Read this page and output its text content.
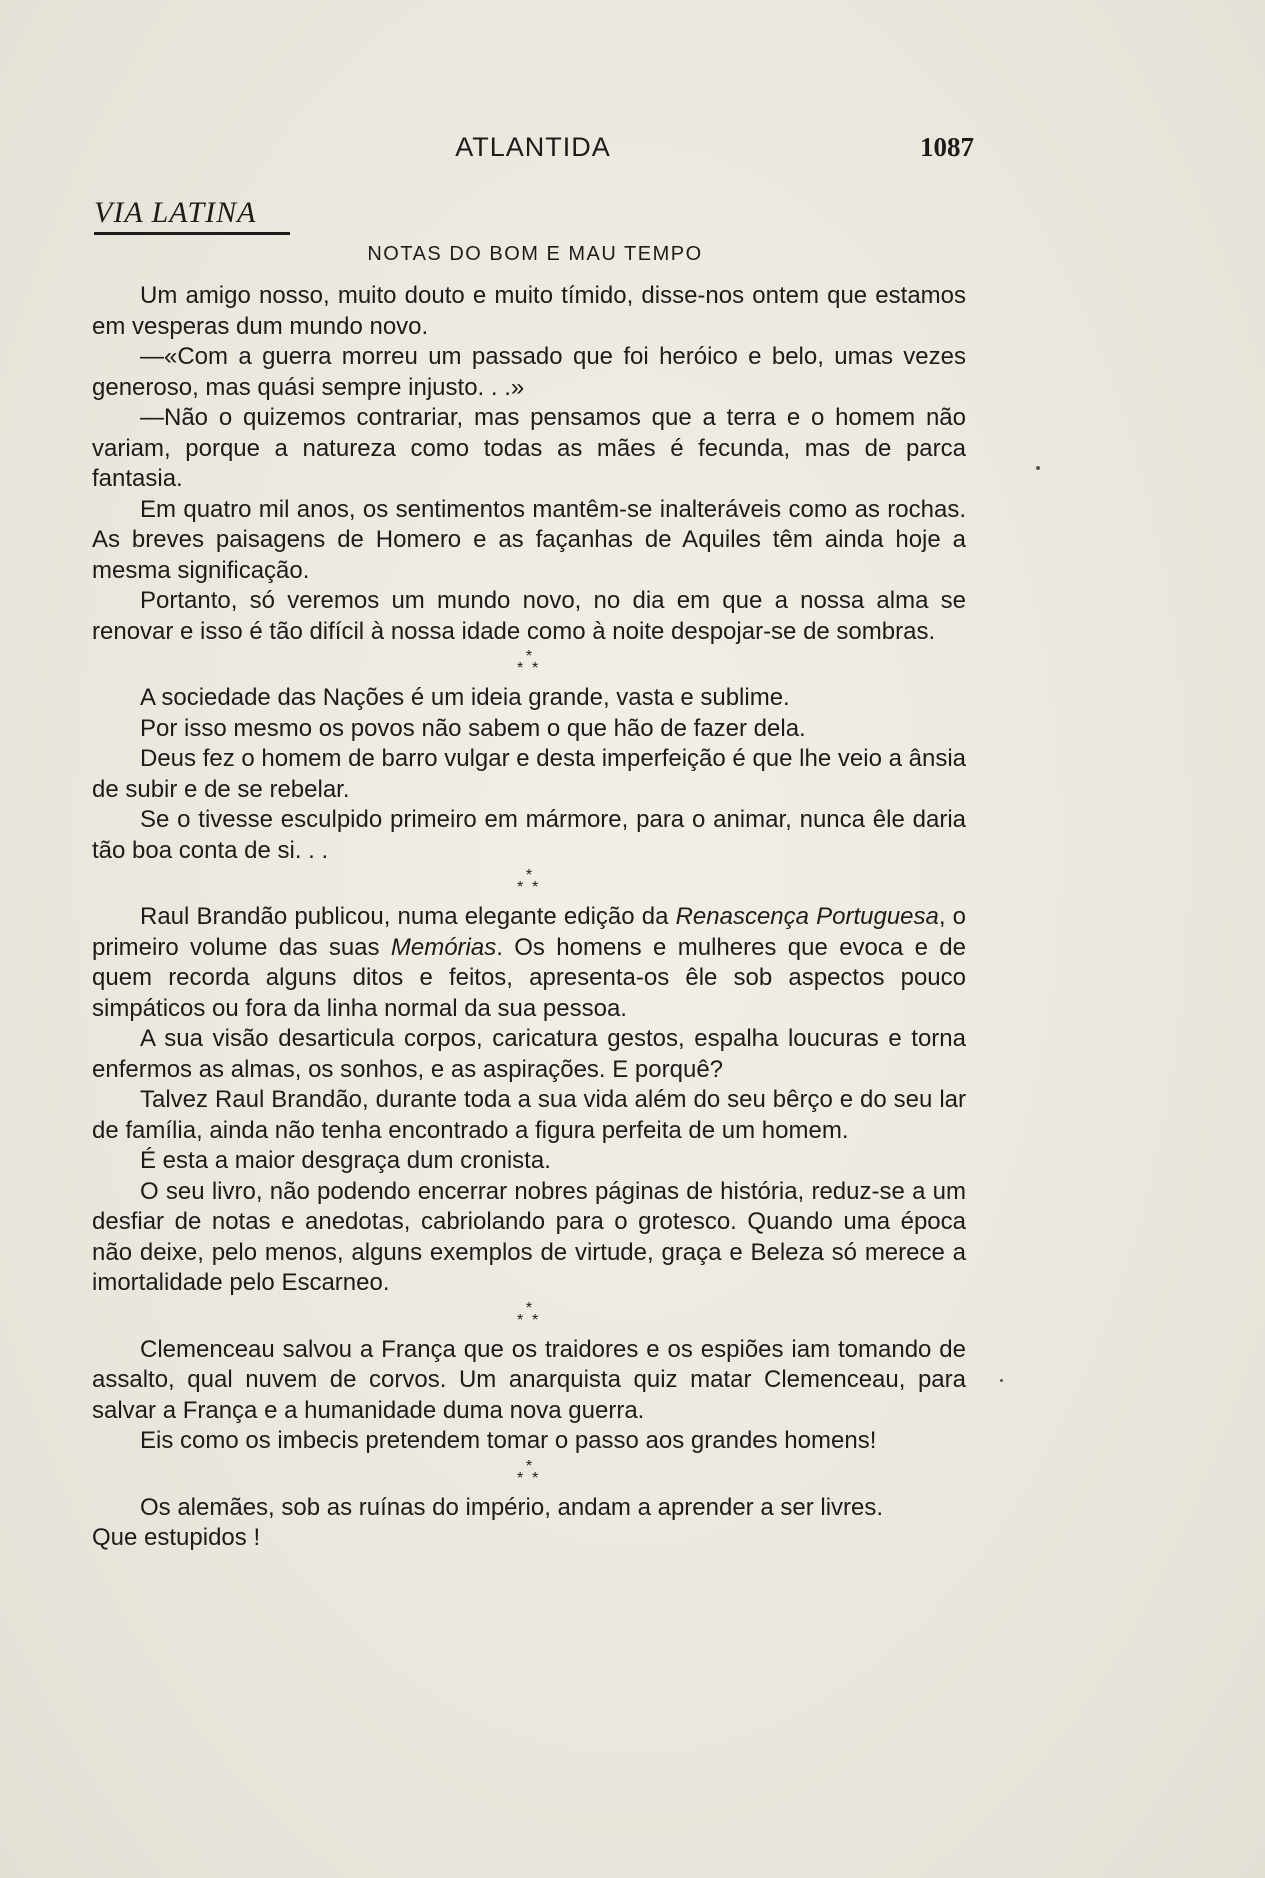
ATLANTIDA	1087
VIA LATINA
NOTAS DO BOM E MAU TEMPO

Um amigo nosso, muito douto e muito tímido, disse-nos ontem que estamos em vesperas dum mundo novo.

—«Com a guerra morreu um passado que foi heróico e belo, umas vezes generoso, mas quási sempre injusto. . .»

—Não o quizemos contrariar, mas pensamos que a terra e o homem não variam, porque a natureza como todas as mães é fecunda, mas de parca fantasia.

Em quatro mil anos, os sentimentos mantêm-se inalteráveis como as rochas. As breves paisagens de Homero e as façanhas de Aquiles têm ainda hoje a mesma significação.

Portanto, só veremos um mundo novo, no dia em que a nossa alma se renovar e isso é tão difícil à nossa idade como à noite despojar-se de sombras.

*
* *

A sociedade das Nações é um ideia grande, vasta e sublime.

Por isso mesmo os povos não sabem o que hão de fazer dela.

Deus fez o homem de barro vulgar e desta imperfeição é que lhe veio a ânsia de subir e de se rebelar.

Se o tivesse esculpido primeiro em mármore, para o animar, nunca êle daria tão boa conta de si. . .

*
* *

Raul Brandão publicou, numa elegante edição da Renascença Portuguesa, o primeiro volume das suas Memórias. Os homens e mulheres que evoca e de quem recorda alguns ditos e feitos, apresenta-os êle sob aspectos pouco simpáticos ou fora da linha normal da sua pessoa.

A sua visão desarticula corpos, caricatura gestos, espalha loucuras e torna enfermos as almas, os sonhos, e as aspirações. E porquê?

Talvez Raul Brandão, durante toda a sua vida além do seu bêrço e do seu lar de família, ainda não tenha encontrado a figura perfeita de um homem.

É esta a maior desgraça dum cronista.

O seu livro, não podendo encerrar nobres páginas de história, reduz-se a um desfiar de notas e anedotas, cabriolando para o grotesco. Quando uma época não deixe, pelo menos, alguns exemplos de virtude, graça e Beleza só merece a imortalidade pelo Escarneo.

*
* *

Clemenceau salvou a França que os traidores e os espiões iam tomando de assalto, qual nuvem de corvos. Um anarquista quiz matar Clemenceau, para salvar a França e a humanidade duma nova guerra.

Eis como os imbecis pretendem tomar o passo aos grandes homens!

*
* *

Os alemães, sob as ruínas do império, andam a aprender a ser livres.

Que estupidos !
